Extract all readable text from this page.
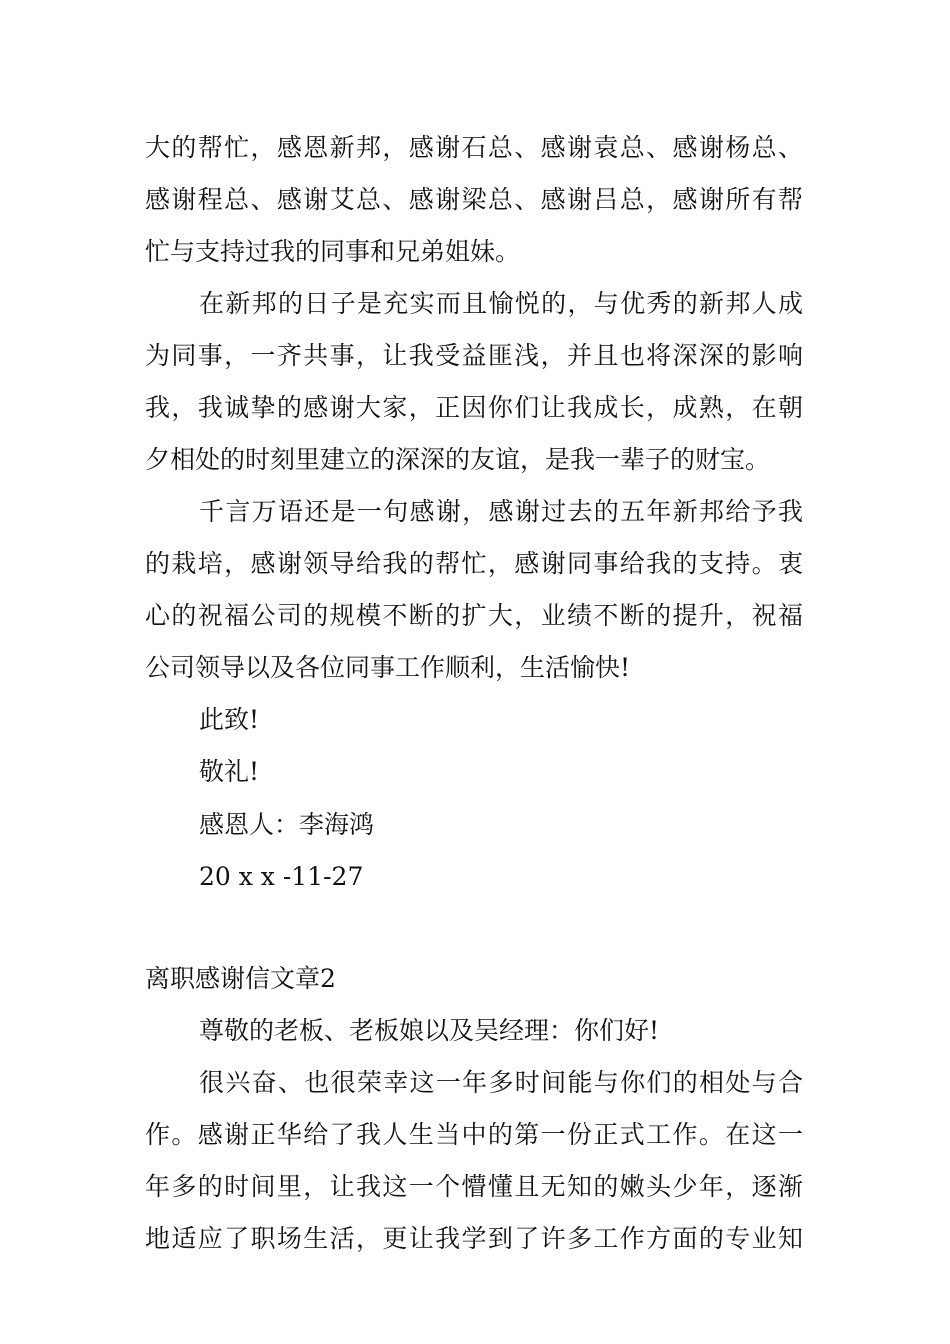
大的帮忙，感恩新邦，感谢石总、感谢袁总、感谢杨总、
感谢程总、感谢艾总、感谢梁总、感谢吕总，感谢所有帮
忙与支持过我的同事和兄弟姐妹。
在新邦的日子是充实而且愉悦的，与优秀的新邦人成
为同事，一齐共事，让我受益匪浅，并且也将深深的影响
我，我诚挚的感谢大家，正因你们让我成长，成熟，在朝
夕相处的时刻里建立的深深的友谊，是我一辈子的财宝。
千言万语还是一句感谢，感谢过去的五年新邦给予我
的栽培，感谢领导给我的帮忙，感谢同事给我的支持。衷
心的祝福公司的规模不断的扩大，业绩不断的提升，祝福
公司领导以及各位同事工作顺利，生活愉快!
此致!
敬礼!
感恩人：李海鸿
20 x x -11-27
离职感谢信文章2
尊敬的老板、老板娘以及吴经理：你们好!
很兴奋、也很荣幸这一年多时间能与你们的相处与合
作。感谢正华给了我人生当中的第一份正式工作。在这一
年多的时间里，让我这一个懵懂且无知的嫩头少年，逐渐
地适应了职场生活，更让我学到了许多工作方面的专业知
